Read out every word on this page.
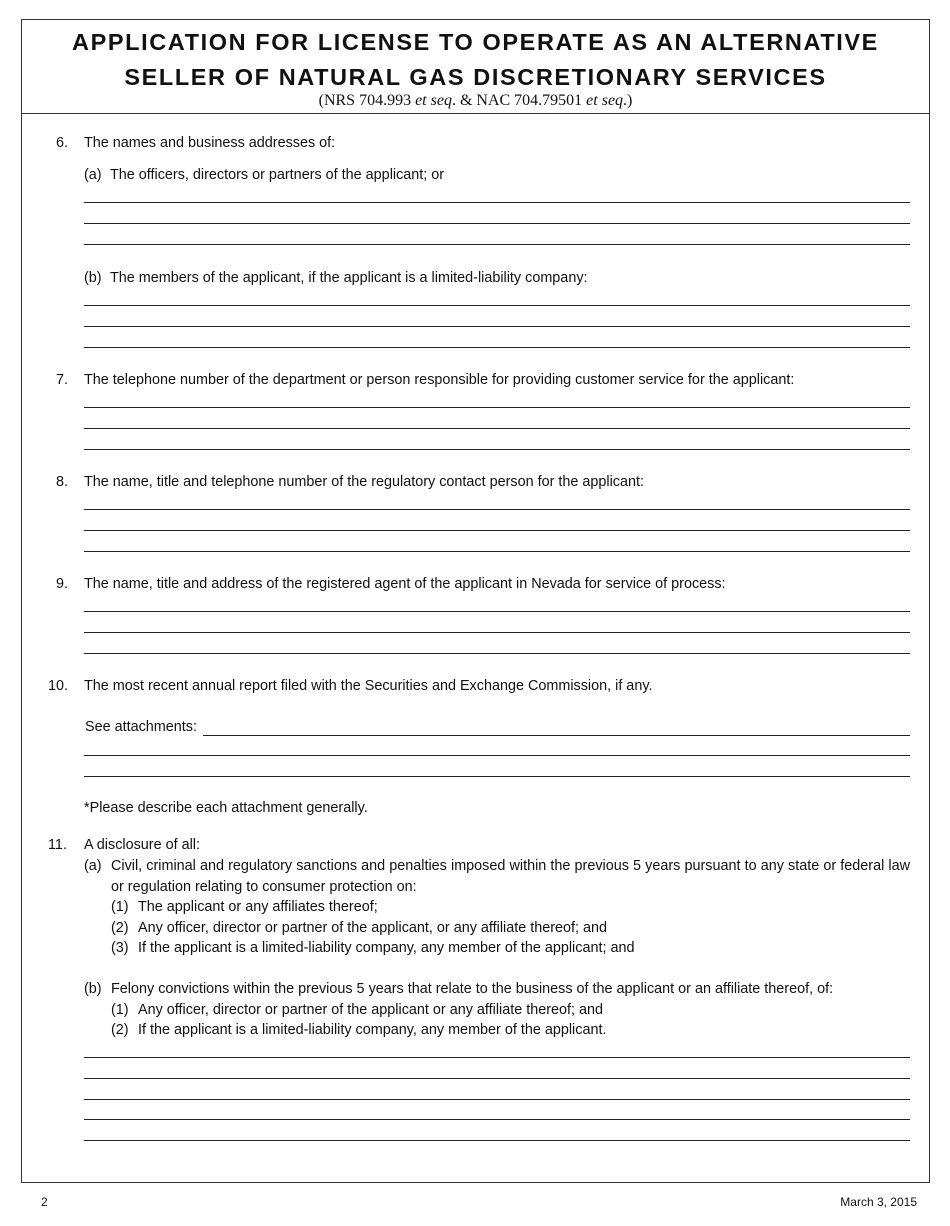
APPLICATION FOR LICENSE TO OPERATE AS AN ALTERNATIVE
SELLER OF NATURAL GAS DISCRETIONARY SERVICES
(NRS 704.993 et seq. & NAC 704.79501 et seq.)
6. The names and business addresses of:
(a) The officers, directors or partners of the applicant; or
(b) The members of the applicant, if the applicant is a limited-liability company:
7. The telephone number of the department or person responsible for providing customer service for the applicant:
8. The name, title and telephone number of the regulatory contact person for the applicant:
9. The name, title and address of the registered agent of the applicant in Nevada for service of process:
10. The most recent annual report filed with the Securities and Exchange Commission, if any.
See attachments:
*Please describe each attachment generally.
11. A disclosure of all:
(a) Civil, criminal and regulatory sanctions and penalties imposed within the previous 5 years pursuant to any state or federal law or regulation relating to consumer protection on:
(1) The applicant or any affiliates thereof;
(2) Any officer, director or partner of the applicant, or any affiliate thereof; and
(3) If the applicant is a limited-liability company, any member of the applicant; and
(b) Felony convictions within the previous 5 years that relate to the business of the applicant or an affiliate thereof, of:
(1) Any officer, director or partner of the applicant or any affiliate thereof; and
(2) If the applicant is a limited-liability company, any member of the applicant.
2	March 3, 2015
